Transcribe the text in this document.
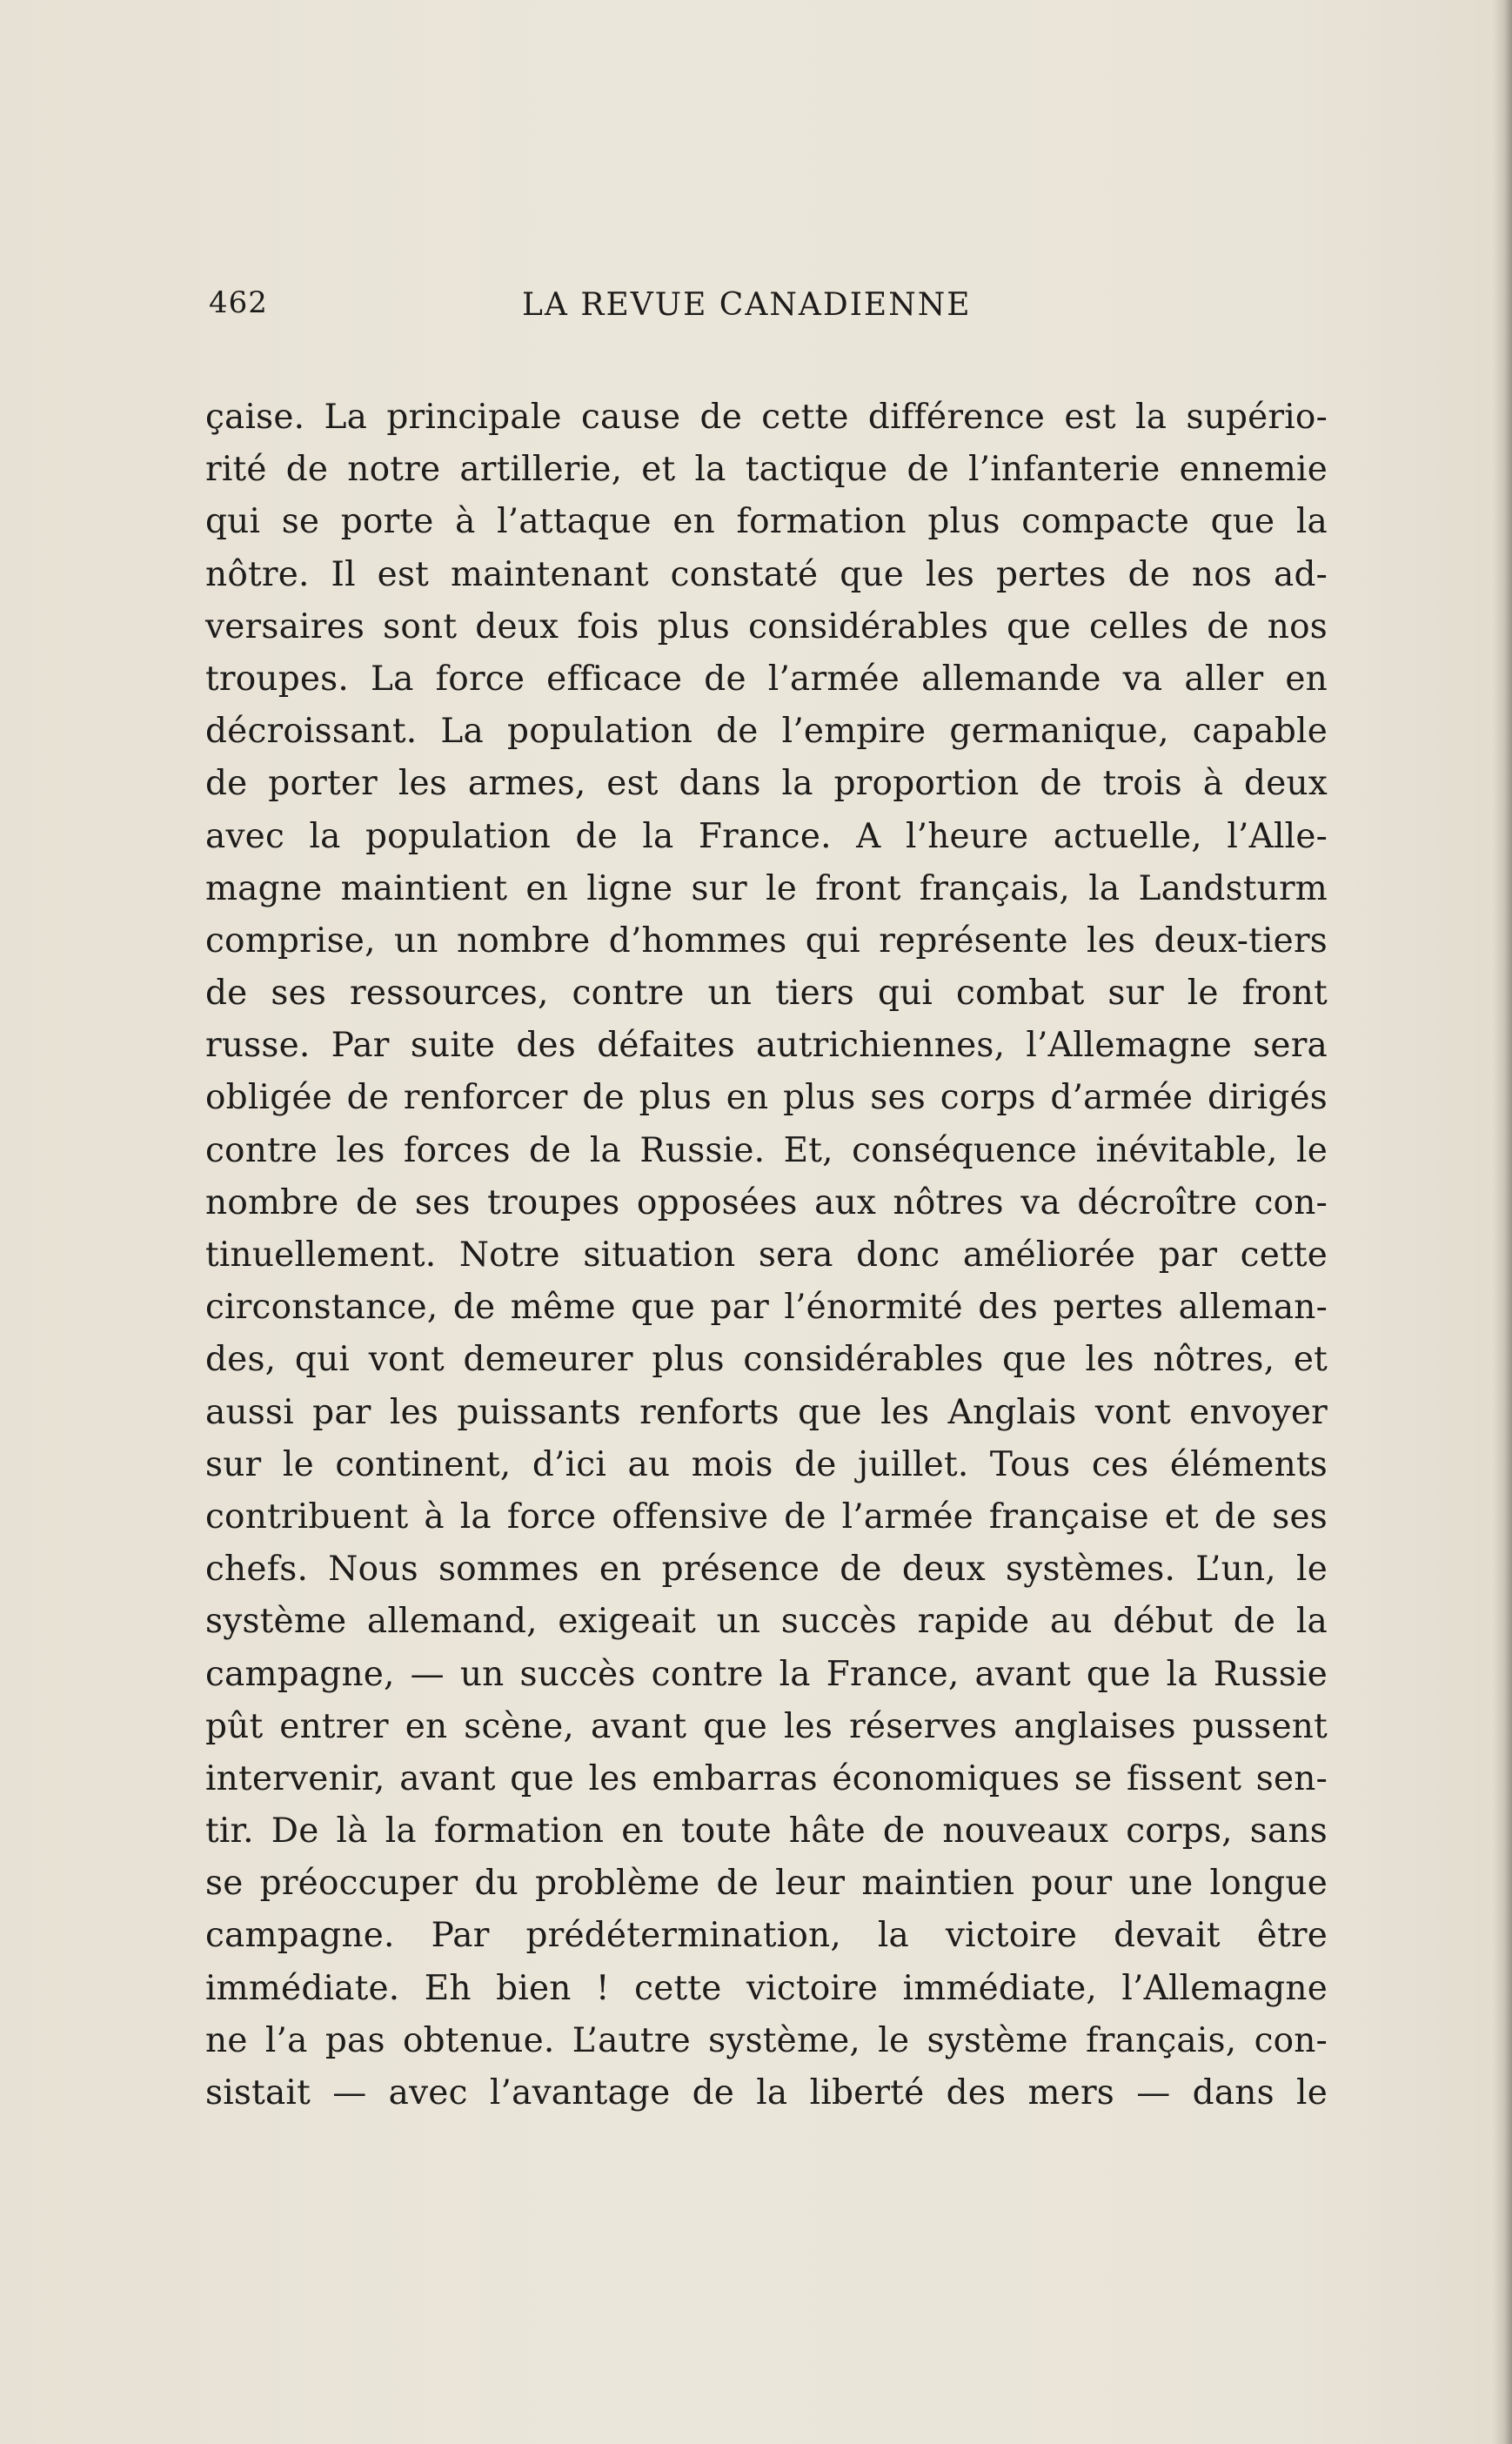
462	LA REVUE CANADIENNE
çaise. La principale cause de cette différence est la supério-
rité de notre artillerie, et la tactique de l’infanterie ennemie
qui se porte à l’attaque en formation plus compacte que la
nôtre. Il est maintenant constaté que les pertes de nos ad-
versaires sont deux fois plus considérables que celles de nos
troupes. La force efficace de l’armée allemande va aller en
décroissant. La population de l’empire germanique, capable
de porter les armes, est dans la proportion de trois à deux
avec la population de la France. A l’heure actuelle, l’Alle-
magne maintient en ligne sur le front français, la Landsturm
comprise, un nombre d’hommes qui représente les deux-tiers
de ses ressources, contre un tiers qui combat sur le front
russe. Par suite des défaites autrichiennes, l’Allemagne sera
obligée de renforcer de plus en plus ses corps d’armée dirigés
contre les forces de la Russie. Et, conséquence inévitable, le
nombre de ses troupes opposées aux nôtres va décroître con-
tinuellement. Notre situation sera donc améliorée par cette
circonstance, de même que par l’énormité des pertes alleman-
des, qui vont demeurer plus considérables que les nôtres, et
aussi par les puissants renforts que les Anglais vont envoyer
sur le continent, d’ici au mois de juillet. Tous ces éléments
contribuent à la force offensive de l’armée française et de ses
chefs. Nous sommes en présence de deux systèmes. L’un, le
système allemand, exigeait un succès rapide au début de la
campagne, — un succès contre la France, avant que la Russie
pût entrer en scène, avant que les réserves anglaises pussent
intervenir, avant que les embarras économiques se fissent sen-
tir. De là la formation en toute hâte de nouveaux corps, sans
se préoccuper du problème de leur maintien pour une longue
campagne. Par prédétermination, la victoire devait être
immédiate. Eh bien ! cette victoire immédiate, l’Allemagne
ne l’a pas obtenue. L’autre système, le système français, con-
sistait — avec l’avantage de la liberté des mers — dans le
